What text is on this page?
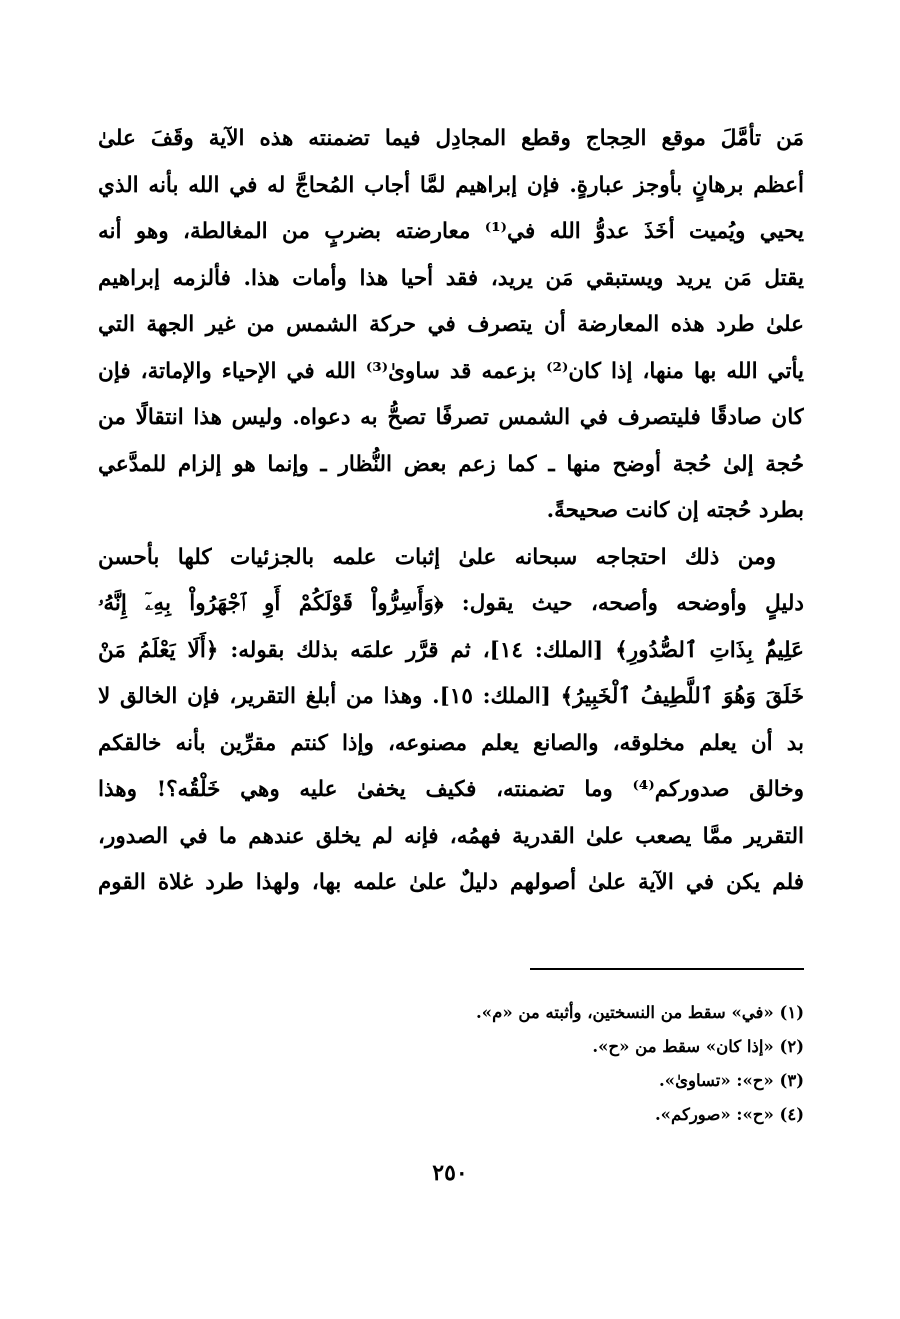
مَن تأمَّلَ موقع الحِجاج وقطع المجادِل فيما تضمنته هذه الآية وقَفَ علىٰ
أعظم برهانٍ بأوجز عبارةٍ. فإن إبراهيم لمَّا أجاب المُحاجَّ له في الله بأنه الذي
يحيي ويُميت أخَذَ عدوُّ الله في⁽¹⁾ معارضته بضربٍ من المغالطة، وهو أنه
يقتل مَن يريد ويستبقي مَن يريد، فقد أحيا هذا وأمات هذا. فألزمه إبراهيم
علىٰ طرد هذه المعارضة أن يتصرف في حركة الشمس من غير الجهة التي
يأتي الله بها منها، إذا كان⁽²⁾ بزعمه قد ساوىٰ⁽³⁾ الله في الإحياء والإماتة، فإن
كان صادقًا فليتصرف في الشمس تصرفًا تصحُّ به دعواه. وليس هذا انتقالًا من
حُجة إلىٰ حُجة أوضح منها ـ كما زعم بعض النُّظار ـ وإنما هو إلزام للمدَّعي
بطرد حُجته إن كانت صحيحةً.
ومن ذلك احتجاجه سبحانه علىٰ إثبات علمه بالجزئيات كلها بأحسن
دليلٍ وأوضحه وأصحه، حيث يقول: ﴿وَأَسِرُّواْ قَوْلَكُمْ أَوِ ٱجْهَرُواْ بِهِۦٓ إِنَّهُۥ
عَلِيمٌۢ بِذَاتِ ٱلصُّدُورِ﴾ [الملك: ١٤]، ثم قرَّر علمَه بذلك بقوله: ﴿أَلَا يَعْلَمُ مَنْ
خَلَقَ وَهُوَ ٱللَّطِيفُ ٱلْخَبِيرُ﴾ [الملك: ١٥]. وهذا من أبلغ التقرير، فإن الخالق لا
بد أن يعلم مخلوقه، والصانع يعلم مصنوعه، وإذا كنتم مقرِّين بأنه خالقكم
وخالق صدوركم⁽⁴⁾ وما تضمنته، فكيف يخفىٰ عليه وهي خَلْقُه؟! وهذا
التقرير ممَّا يصعب علىٰ القدرية فهمُه، فإنه لم يخلق عندهم ما في الصدور،
فلم يكن في الآية علىٰ أصولهم دليلٌ علىٰ علمه بها، ولهذا طرد غلاة القوم
(١) «في» سقط من النسختين، وأثبته من «م».
(٢) «إذا كان» سقط من «ح».
(٣) «ح»: «تساوىٰ».
(٤) «ح»: «صوركم».
٢٥٠
